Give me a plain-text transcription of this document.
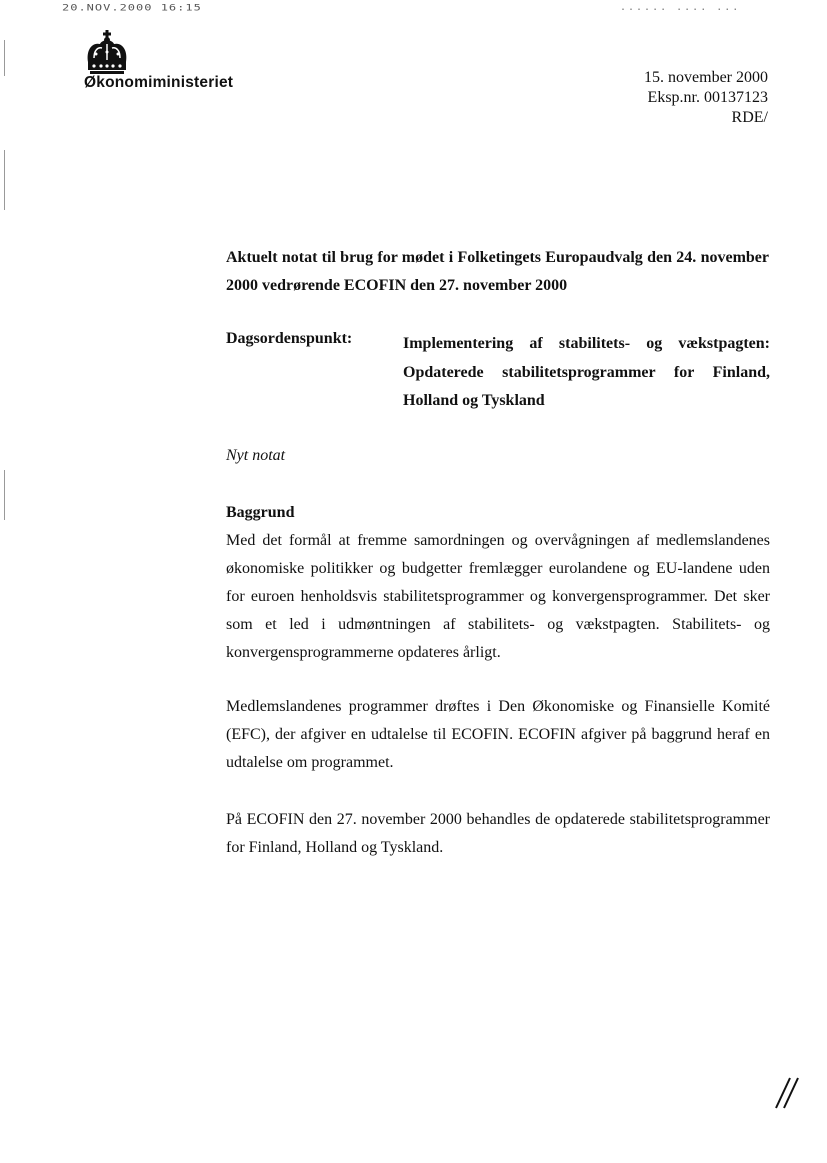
20.NOV.2000 16:15	...... .... ...
Økonomiministeriet	15. november 2000
Eksp.nr. 00137123
RDE/
Aktuelt notat til brug for mødet i Folketingets Europaudvalg den 24. november 2000 vedrørende ECOFIN den 27. november 2000
Dagsordenspunkt:	Implementering af stabilitets- og vækstpagten: Opdaterede stabilitetsprogrammer for Finland, Holland og Tyskland
Nyt notat
Baggrund
Med det formål at fremme samordningen og overvågningen af medlemslandenes økonomiske politikker og budgetter fremlægger eurolandene og EU-landene uden for euroen henholdsvis stabilitetsprogrammer og konvergensprogrammer. Det sker som et led i udmøntningen af stabilitets- og vækstpagten. Stabilitets- og konvergensprogrammerne opdateres årligt.
Medlemslandenes programmer drøftes i Den Økonomiske og Finansielle Komité (EFC), der afgiver en udtalelse til ECOFIN. ECOFIN afgiver på baggrund heraf en udtalelse om programmet.
På ECOFIN den 27. november 2000 behandles de opdaterede stabilitetsprogrammer for Finland, Holland og Tyskland.
